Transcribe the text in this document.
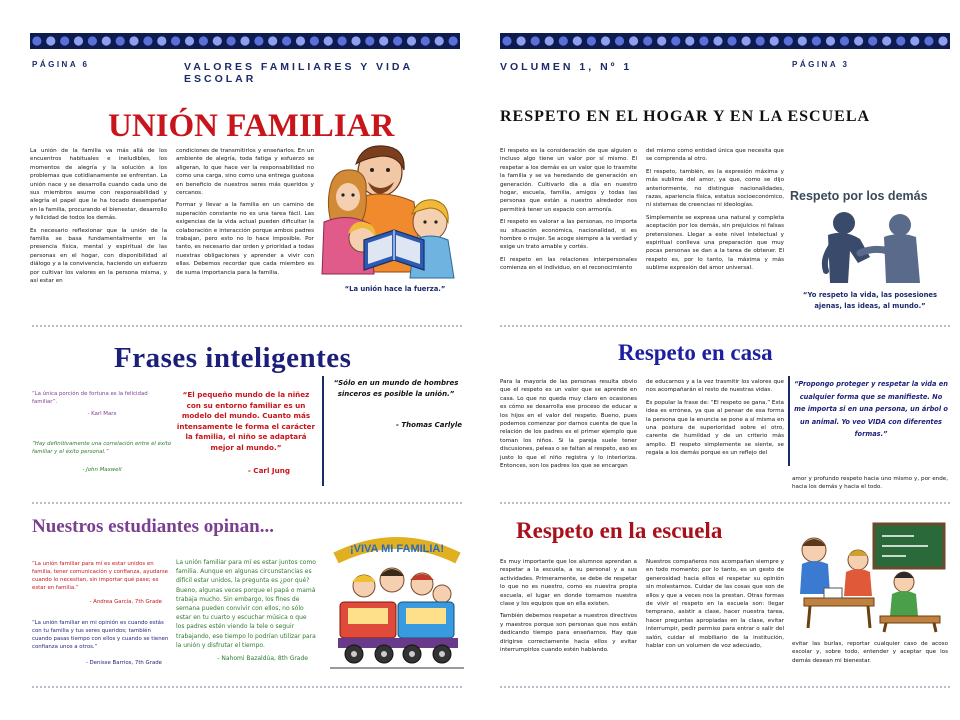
PÁGINA 6	VALORES FAMILIARES Y VIDA ESCOLAR
UNIÓN FAMILIAR

La unión de la familia va más allá de los encuentros habituales e ineludibles, los momentos de alegría y la solución a los problemas que cotidianamente se enfrentan. La unión nace y se desarrolla cuando cada uno de sus miembros asume con responsabilidad y alegría el papel que le ha tocado desempeñar en la familia, procurando el bienestar, desarrollo y felicidad de todos los demás.

Es necesario reflexionar que la unión de la familia se basa fundamentalmente en la presencia física, mental y espiritual de las personas en el hogar, con disponibilidad al diálogo y a la convivencia, haciendo un esfuerzo por cultivar los valores en la persona misma, y así estar en

condiciones de transmitirlos y enseñarlos. En un ambiente de alegría, toda fatiga y esfuerzo se aligeran, lo que hace ver la responsabilidad no como una carga, sino como una entrega gustosa en beneficio de nuestros seres más queridos y cercanos.

Formar y llevar a la familia en un camino de superación constante no es una tarea fácil. Las exigencias de la vida actual pueden dificultar la colaboración e interacción porque ambos padres trabajan, pero esto no lo hace imposible. Por tanto, es necesario dar orden y prioridad a todas nuestras obligaciones y aprender a vivir con ellas. Debemos recordar que cada miembro es de suma importancia para la familia.

“La unión hace la fuerza.”
Frases inteligentes
“La única porción de fortuna es la felicidad familiar”.
- Karl Marx
“Hay definitivamente una correlación entre el éxito familiar y el éxito personal.”
- John Maxwell
“El pequeño mundo de la niñez con su entorno familiar es un modelo del mundo. Cuanto más intensamente le forma el carácter la familia, el niño se adaptará mejor al mundo.”
- Carl Jung
“Sólo en un mundo de hombres sinceros es posible la unión.”
- Thomas Carlyle
Nuestros estudiantes opinan...
“La unión familiar para mí es estar unidos en familia, tener comunicación y confianza, ayudarse cuando lo necesitan, sin importar qué pase; es estar en familia.”
- Andrea García, 7th Grade
“La unión familiar en mi opinión es cuando estás con tu familia y tus seres queridos; también cuando pasas tiempo con ellos y cuando se tienen confianza unos a otros.”
- Denisse Barrios, 7th Grade
La unión familiar para mí es estar juntos como familia. Aunque en algunas circunstancias es difícil estar unidos, la pregunta es ¿por qué? Bueno, algunas veces porque el papá o mamá trabaja mucho. Sin embargo, los fines de semana pueden convivir con ellos, no sólo estar en tu cuarto y escuchar música o que los padres estén viendo la tele o seguir trabajando, ese tiempo lo podrían utilizar para la unión y disfrutar el tiempo.
- Nahomi Bazaldúa, 8th Grade
¡VIVA MI FAMILIA!
VOLUMEN 1, Nº 1	PÁGINA 3
RESPETO EN EL HOGAR Y EN LA ESCUELA

El respeto es la consideración de que alguien o incluso algo tiene un valor por sí mismo. El respetar a los demás es un valor que lo trasmite la familia y se va heredando de generación en generación. Cultivarlo día a día en nuestro hogar, escuela, familia, amigos y todas las personas que están a nuestro alrededor nos permitirá tener un espacio con armonía.

El respeto es valorar a las personas, no importa su situación económica, nacionalidad, si es hombre o mujer. Se acoge siempre a la verdad y exige un trato amable y cortés.

El respeto en las relaciones interpersonales comienza en el individuo, en el reconocimiento

del mismo como entidad única que necesita que se comprenda al otro.

El respeto, también, es la expresión máxima y más sublime del amor, ya que, como se dijo anteriormente, no distingue nacionalidades, razas, apariencia física, estatus socioeconómico, ni sistemas de creencias ni ideologías.

Simplemente se expresa una natural y completa aceptación por los demás, sin prejuicios ni falsas pretensiones. Llegar a este nivel intelectual y espiritual conlleva una preparación que muy pocas personas se dan a la tarea de obtener. El respeto es, por lo tanto, la máxima y más sublime expresión del amor universal.

Respeto por los demás
“Yo respeto la vida, las posesiones ajenas, las ideas, al mundo.”
Respeto en casa

Para la mayoría de las personas resulta obvio que el respeto es un valor que se aprende en casa. Lo que no queda muy claro en ocasiones es cómo se desarrolla ese proceso de educar a los hijos en el valor del respeto. Bueno, pues podemos comenzar por darnos cuenta de que la relación de los padres es el primer ejemplo que toman los niños. Si la pareja suele tener discusiones, peleas o se faltan al respeto, eso es justo lo que el niño registra y lo interioriza. Entonces, son los padres los que se encargan

de educarnos y a la vez trasmitir los valores que nos acompañarán el resto de nuestras vidas.

Es popular la frase de: “El respeto se gana.” Esta idea es errónea, ya que al pensar de esa forma la persona que la enuncia se pone a sí misma en una postura de superioridad sobre el otro, carente de humildad y de un criterio más amplio. El respeto simplemente se siente, se regala a los demás porque es un reflejo del

“Propongo proteger y respetar la vida en cualquier forma que se manifieste. No me importa si en una persona, un árbol o un animal. Yo veo VIDA con diferentes formas.”

amor y profundo respeto hacia uno mismo y, por ende, hacia los demás y hacia el todo.

Respeto en la escuela

Es muy importante que los alumnos aprendan a respetar a la escuela, a su personal y a sus actividades. Primeramente, se debe de respetar lo que no es nuestro, como es nuestra propia escuela, el lugar en donde tomamos nuestra clase y los equipos que en ella existen.

También debemos respetar a nuestros directivos y maestros porque son personas que nos están dedicando tiempo para enseñarnos. Hay que dirigirse correctamente hacia ellos y evitar interrumpirlos cuando estén hablando.

Nuestros compañeros nos acompañan siempre y en todo momento; por lo tanto, es un gesto de generosidad hacia ellos el respetar su opinión sin molestarnos. Cuidar de las cosas que son de ellos y que a veces nos la prestan. Otras formas de vivir el respeto en la escuela son: llegar temprano, asistir a clase, hacer nuestra tarea, hacer preguntas apropiadas en la clase, evitar interrumpir, pedir permiso para entrar o salir del salón, cuidar el mobiliario de la institución, hablar con un volumen de voz adecuado,	evitar las burlas, reportar cualquier caso de acoso escolar y, sobre todo, entender y aceptar que los demás desean mi bienestar.
